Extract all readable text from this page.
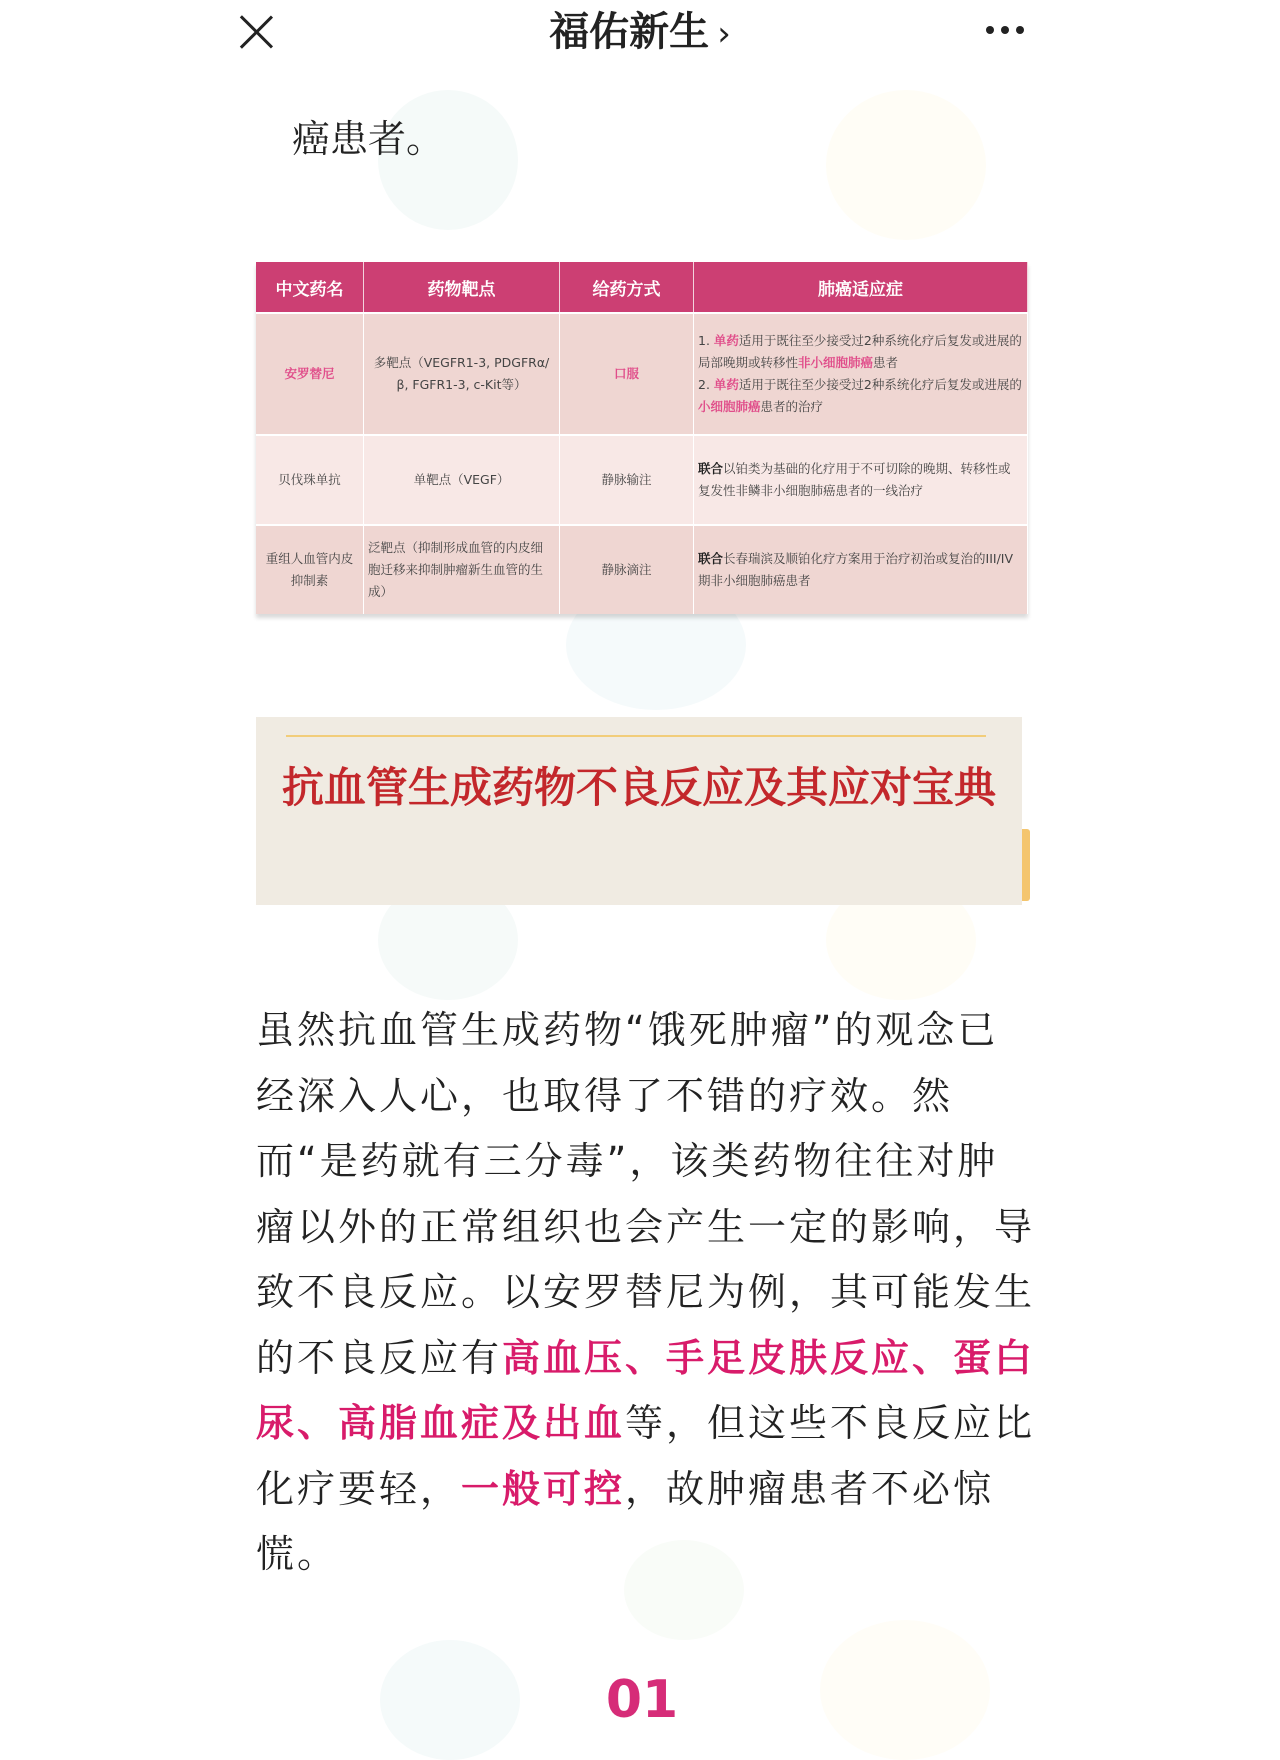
福佑新生 ›
癌患者。
中文药名	药物靶点	给药方式	肺癌适应症
安罗替尼	多靶点（VEGFR1-3, PDGFRα/β, FGFR1-3, c-Kit等）	口服	1. 单药适用于既往至少接受过2种系统化疗后复发或进展的局部晚期或转移性非小细胞肺癌患者
2. 单药适用于既往至少接受过2种系统化疗后复发或进展的小细胞肺癌患者的治疗
贝伐珠单抗	单靶点（VEGF）	静脉输注	联合以铂类为基础的化疗用于不可切除的晚期、转移性或复发性非鳞非小细胞肺癌患者的一线治疗
重组人血管内皮抑制素	泛靶点（抑制形成血管的内皮细胞迁移来抑制肿瘤新生血管的生成）	静脉滴注	联合长春瑞滨及顺铂化疗方案用于治疗初治或复治的III/IV期非小细胞肺癌患者
抗血管生成药物不良反应及其应对宝典
虽然抗血管生成药物“饿死肿瘤”的观念已经深入人心，也取得了不错的疗效。然而“是药就有三分毒”，该类药物往往对肿瘤以外的正常组织也会产生一定的影响，导致不良反应。以安罗替尼为例，其可能发生的不良反应有高血压、手足皮肤反应、蛋白尿、高脂血症及出血等，但这些不良反应比化疗要轻，一般可控，故肿瘤患者不必惊慌。
01
